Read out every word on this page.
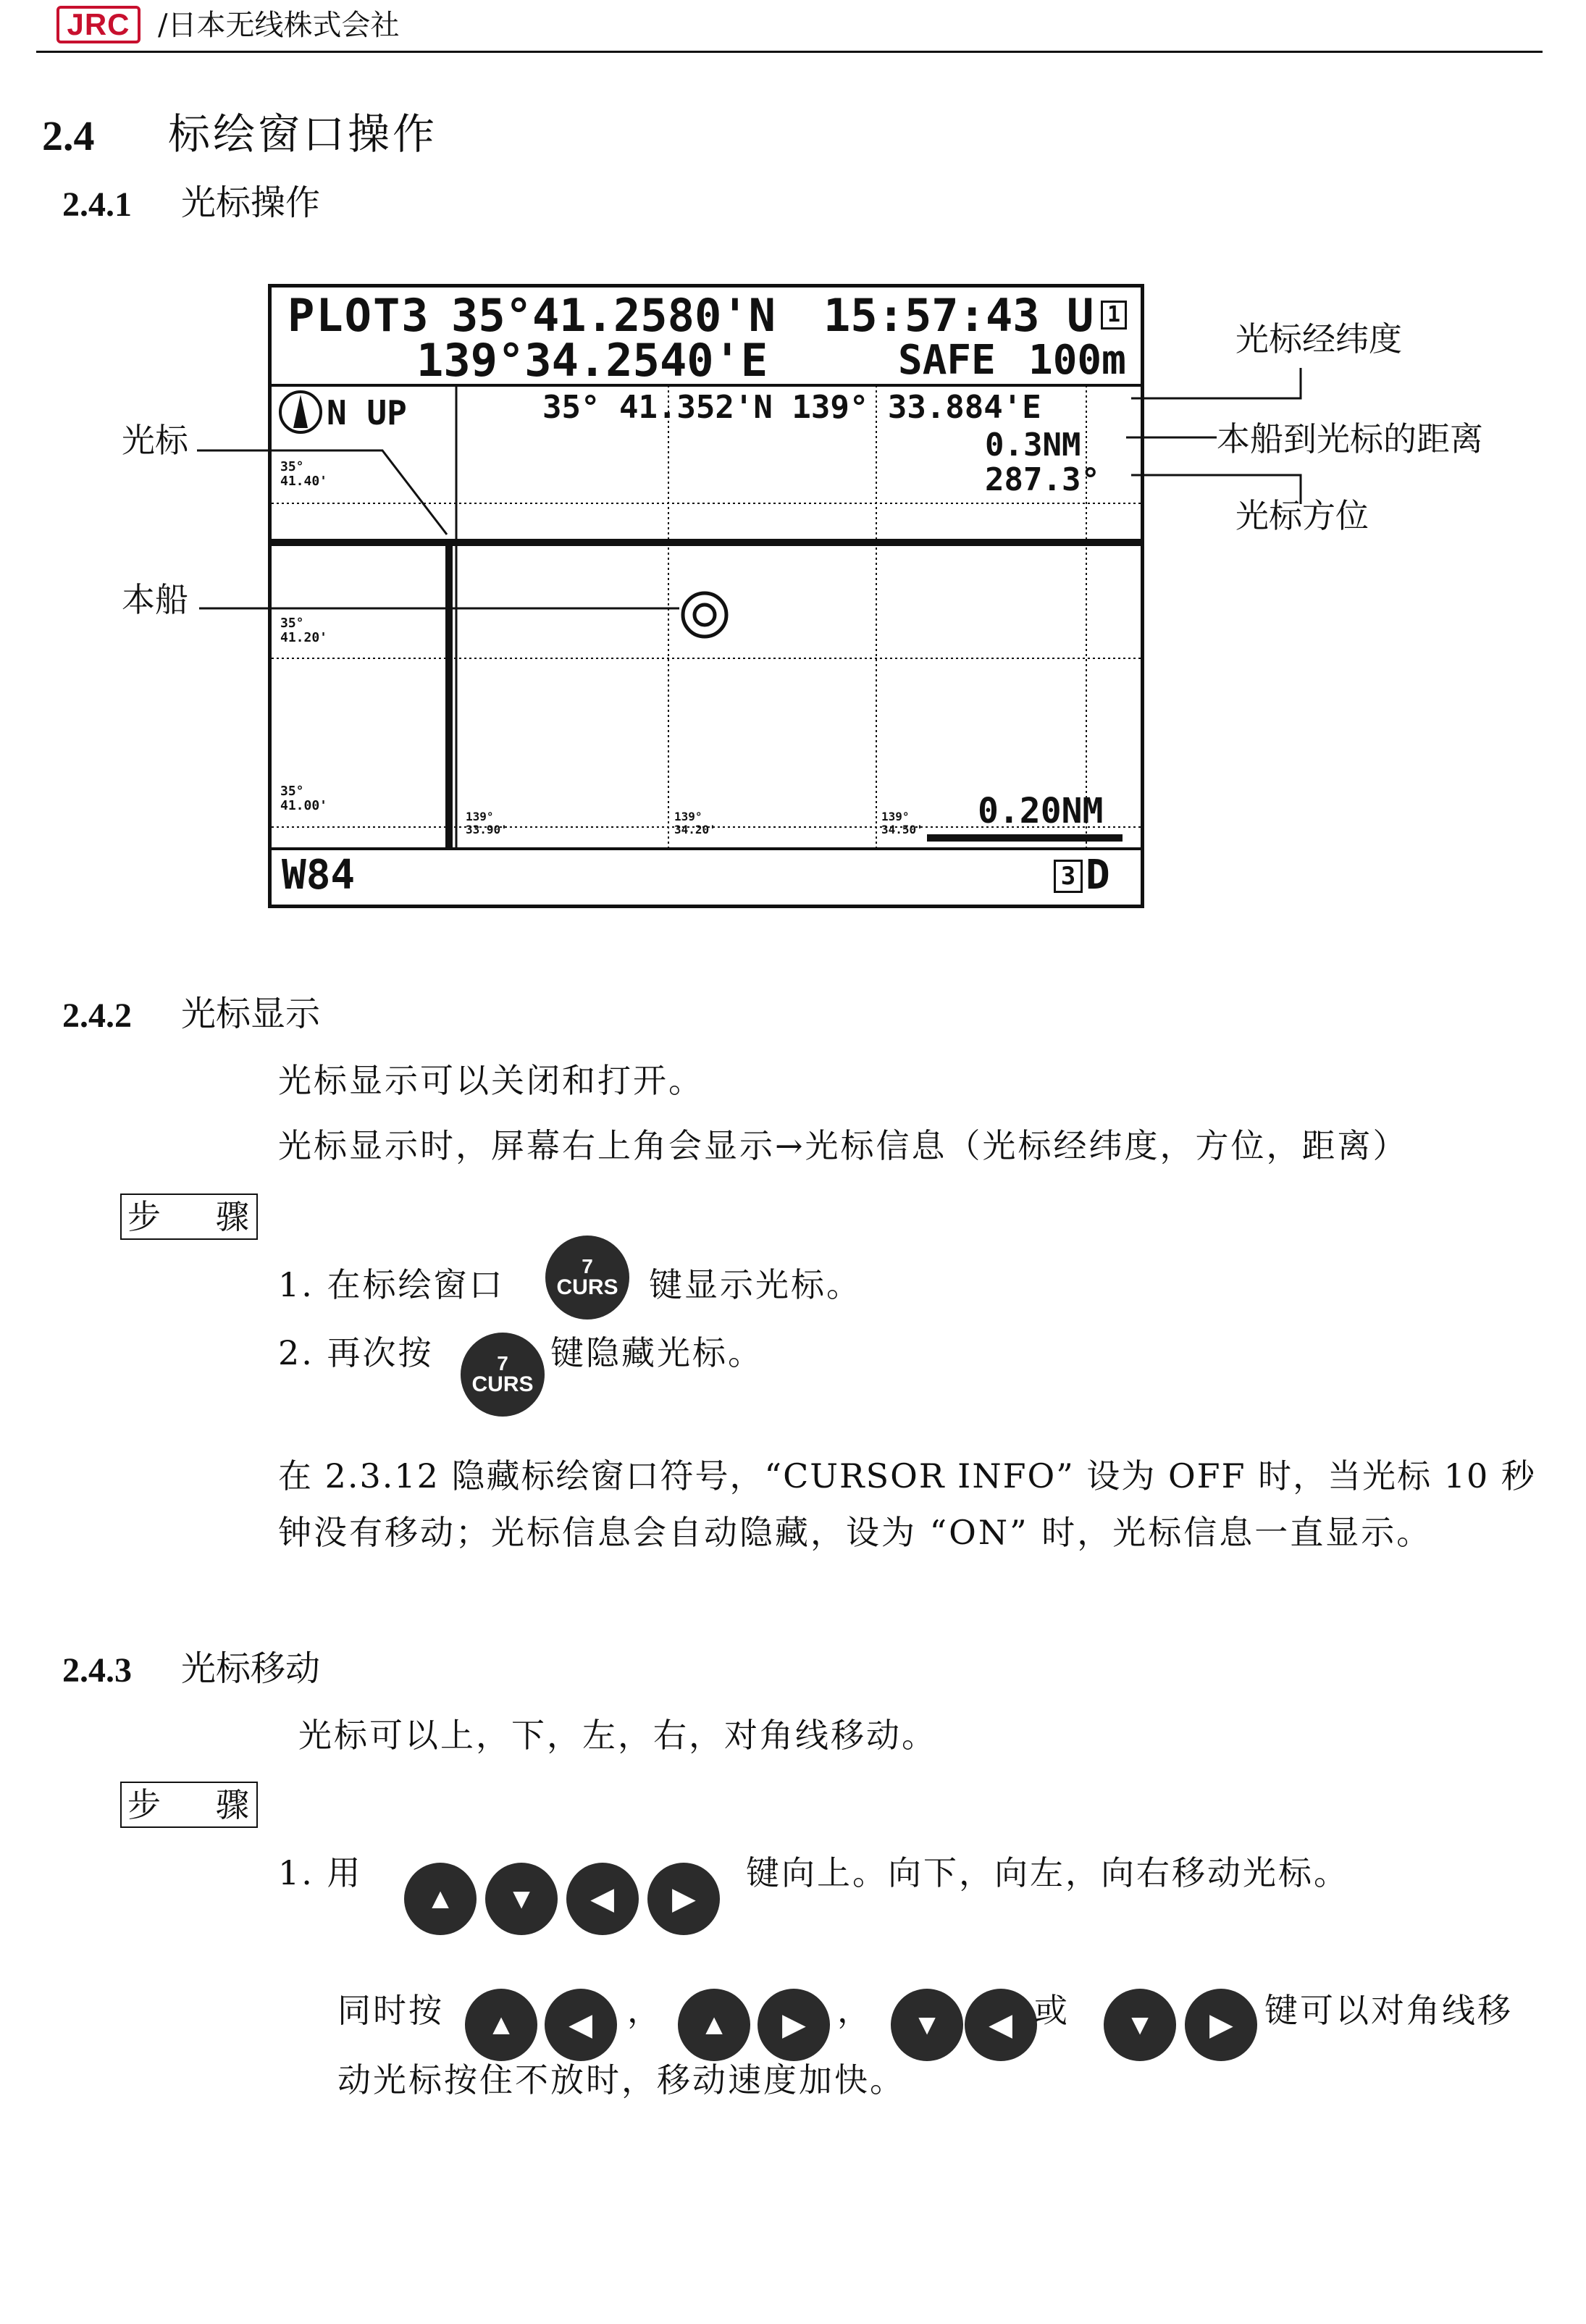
JRC /日本无线株式会社
2.4 标绘窗口操作
2.4.1 光标操作
PLOT3 35°41.2580'N 15:57:43 U 1
139°34.2540'E	SAFE 100m
N UP	35° 41.352'N 139° 33.884'E
0.3NM
287.3°
35°
41.40'
35°
41.20'
35°
41.00'
139°
33.90'
139°
34.20'
139°
34.50' 0.20NM
W84	3 D
光标
本船
光标经纬度
本船到光标的距离
光标方位
2.4.2 光标显示
光标显示可以关闭和打开。
光标显示时，屏幕右上角会显示→光标信息（光标经纬度，方位，距离）
步 骤
1. 在标绘窗口	7
CURS 键显示光标。
2. 再次按	7
CURS
键隐藏光标。
在 2.3.12 隐藏标绘窗口符号，“CURSOR INFO” 设为 OFF 时，当光标 10 秒
钟没有移动；光标信息会自动隐藏，设为 “ON” 时，光标信息一直显示。
2.4.3 光标移动
光标可以上，下，左，右，对角线移动。
步 骤
1. 用
▲ ▼ ◀ ▶
键向上。向下，向左，向右移动光标。
同时按 ▲ ◀ ， ▲ ▶ ， ▼ ◀ 或 ▼ ▶ 键可以对角线移
动光标按住不放时，移动速度加快。
